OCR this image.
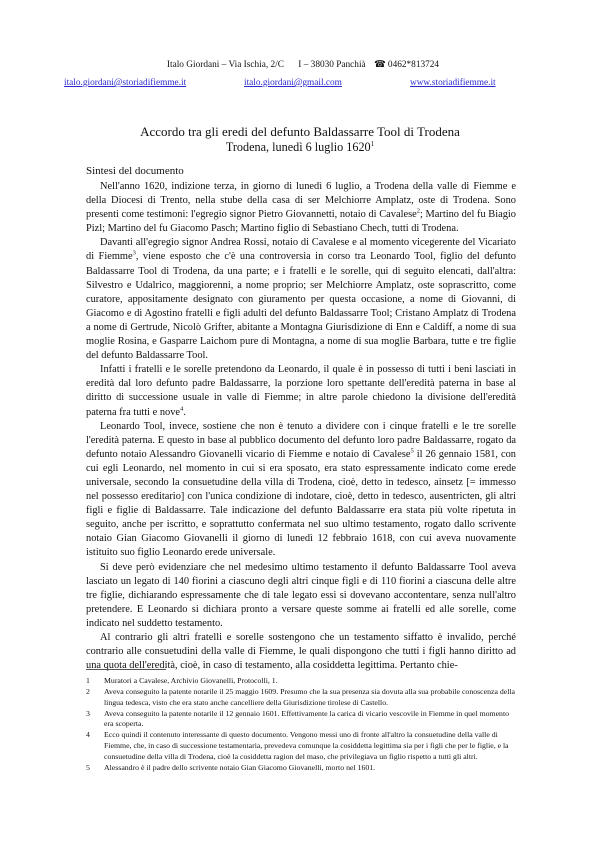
Italo Giordani – Via Ischia, 2/C I – 38030 Panchià ☎ 0462*813724
italo.giordani@storiadifiemme.it	italo.giordani@gmail.com	www.storiadifiemme.it
Accordo tra gli eredi del defunto Baldassarre Tool di Trodena
Trodena, lunedì 6 luglio 1620$^1$
Sintesi del documento

Nell'anno 1620, indizione terza, in giorno di lunedì 6 luglio, a Trodena della valle di Fiemme e della Diocesi di Trento, nella stube della casa di ser Melchiorre Amplatz, oste di Trodena. Sono presenti come testimoni: l'egregio signor Pietro Giovannetti, notaio di Cavalese$^2$; Martino del fu Biagio Pizl; Martino del fu Giacomo Pasch; Martino figlio di Sebastiano Chech, tutti di Trodena.

Davanti all'egregio signor Andrea Rossi, notaio di Cavalese e al momento vicegerente del Vicariato di Fiemme$^3$, viene esposto che c'è una controversia in corso tra Leonardo Tool, figlio del defunto Baldassarre Tool di Trodena, da una parte; e i fratelli e le sorelle, qui di seguito elencati, dall'altra: Silvestro e Udalrico, maggiorenni, a nome proprio; ser Melchiorre Amplatz, oste soprascritto, come curatore, appositamente designato con giuramento per questa occasione, a nome di Giovanni, di Giacomo e di Agostino fratelli e figli adulti del defunto Baldassarre Tool; Cristano Amplatz di Trodena a nome di Gertrude, Nicolò Grifter, abitante a Montagna Giurisdizione di Enn e Caldiff, a nome di sua moglie Rosina, e Gasparre Laichom pure di Montagna, a nome di sua moglie Barbara, tutte e tre figlie del defunto Baldassarre Tool.

Infatti i fratelli e le sorelle pretendono da Leonardo, il quale è in possesso di tutti i beni lasciati in eredità dal loro defunto padre Baldassarre, la porzione loro spettante dell'eredità paterna in base al diritto di successione usuale in valle di Fiemme; in altre parole chiedono la divisione dell'eredità paterna fra tutti e nove$^4$.

Leonardo Tool, invece, sostiene che non è tenuto a dividere con i cinque fratelli e le tre sorelle l'eredità paterna. E questo in base al pubblico documento del defunto loro padre Baldassarre, rogato da defunto notaio Alessandro Giovanelli vicario di Fiemme e notaio di Cavalese$^5$ il 26 gennaio 1581, con cui egli Leonardo, nel momento in cui si era sposato, era stato espressamente indicato come erede universale, secondo la consuetudine della villa di Trodena, cioè, detto in tedesco, ainsetz [= immesso nel possesso ereditario] con l'unica condizione di indotare, cioè, detto in tedesco, ausentricten, gli altri figli e figlie di Baldassarre. Tale indicazione del defunto Baldassarre era stata più volte ripetuta in seguito, anche per iscritto, e soprattutto confermata nel suo ultimo testamento, rogato dallo scrivente notaio Gian Giacomo Giovanelli il giorno di lunedì 12 febbraio 1618, con cui aveva nuovamente istituito suo figlio Leonardo erede universale.

Si deve però evidenziare che nel medesimo ultimo testamento il defunto Baldassarre Tool aveva lasciato un legato di 140 fiorini a ciascuno degli altri cinque figli e di 110 fiorini a ciascuna delle altre tre figlie, dichiarando espressamente che di tale legato essi si dovevano accontentare, senza null'altro pretendere. E Leonardo si dichiara pronto a versare queste somme ai fratelli ed alle sorelle, come indicato nel suddetto testamento.

Al contrario gli altri fratelli e sorelle sostengono che un testamento siffatto è invalido, perché contrario alle consuetudini della valle di Fiemme, le quali dispongono che tutti i figli hanno diritto ad una quota dell'eredità, cioè, in caso di testamento, alla cosiddetta legittima. Pertanto chie-

1 Muratori a Cavalese, Archivio Giovanelli, Protocolli, 1.
2 Aveva conseguito la patente notarile il 25 maggio 1609. Presumo che la sua presenza sia dovuta alla sua probabile conoscenza della lingua tedesca, visto che era stato anche cancelliere della Giurisdizione tirolese di Castello.
3 Aveva conseguito la patente notarile il 12 gennaio 1601. Effettivamente la carica di vicario vescovile in Fiemme in quel momento era scoperta.
4 Ecco quindi il contenuto interessante di questo documento. Vengono messi uno di fronte all'altro la consuetudine della valle di Fiemme, che, in caso di successione testamentaria, prevedeva comunque la cosiddetta legittima sia per i figli che per le figlie, e la consuetudine della villa di Trodena, cioè la cosiddetta ragion del maso, che privilegiava un figlio rispetto a tutti gli altri.
5 Alessandro è il padre dello scrivente notaio Gian Giacomo Giovanelli, morto nel 1601.
